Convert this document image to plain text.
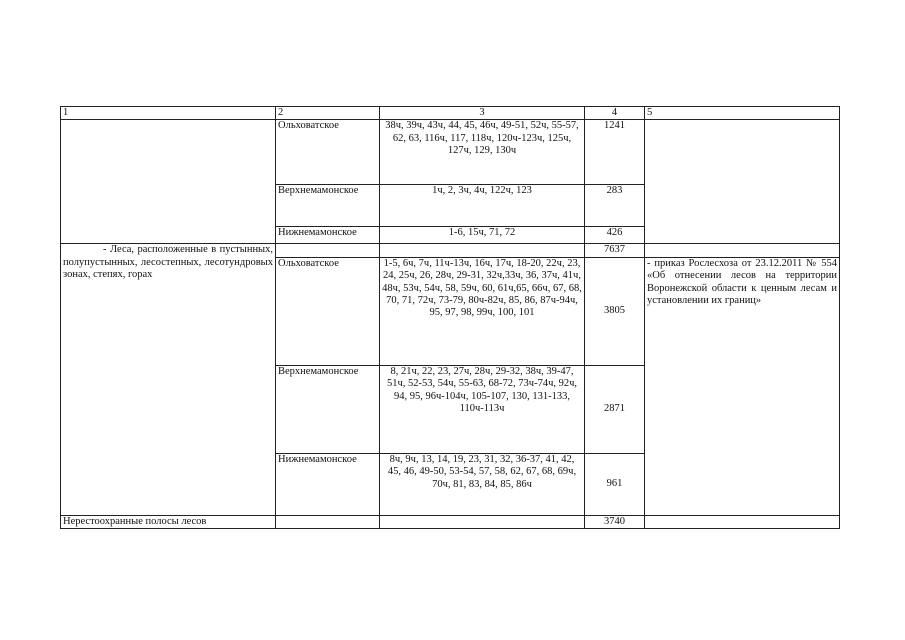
1	2	3	4	5
	Ольховатское	38ч, 39ч, 43ч, 44, 45, 46ч, 49-51, 52ч, 55-57, 62, 63, 116ч, 117, 118ч, 120ч-123ч, 125ч, 127ч, 129, 130ч	1241	
	Верхнемамонское	1ч, 2, 3ч, 4ч, 122ч, 123	283	
	Нижнемамонское	1-6, 15ч, 71, 72	426	
- Леса, расположенные в пустынных, полупустынных, лесостепных, лесотундровых зонах, степях, горах			7637	
	Ольховатское	1-5, 6ч, 7ч, 11ч-13ч, 16ч, 17ч, 18-20, 22ч, 23, 24, 25ч, 26, 28ч, 29-31, 32ч,33ч, 36, 37ч, 41ч, 48ч, 53ч, 54ч, 58, 59ч, 60, 61ч,65, 66ч, 67, 68, 70, 71, 72ч, 73-79, 80ч-82ч, 85, 86, 87ч-94ч, 95, 97, 98, 99ч, 100, 101	3805	- приказ Рослесхоза от 23.12.2011 № 554 «Об отнесении лесов на территории Воронежской области к ценным лесам и установлении их границ»
	Верхнемамонское	8, 21ч, 22, 23, 27ч, 28ч, 29-32, 38ч, 39-47, 51ч, 52-53, 54ч, 55-63, 68-72, 73ч-74ч, 92ч, 94, 95, 96ч-104ч, 105-107, 130, 131-133, 110ч-113ч	2871	
	Нижнемамонское	8ч, 9ч, 13, 14, 19, 23, 31, 32, 36-37, 41, 42, 45, 46, 49-50, 53-54, 57, 58, 62, 67, 68, 69ч, 70ч, 81, 83, 84, 85, 86ч	961	
Нерестоохранные полосы лесов			3740	
